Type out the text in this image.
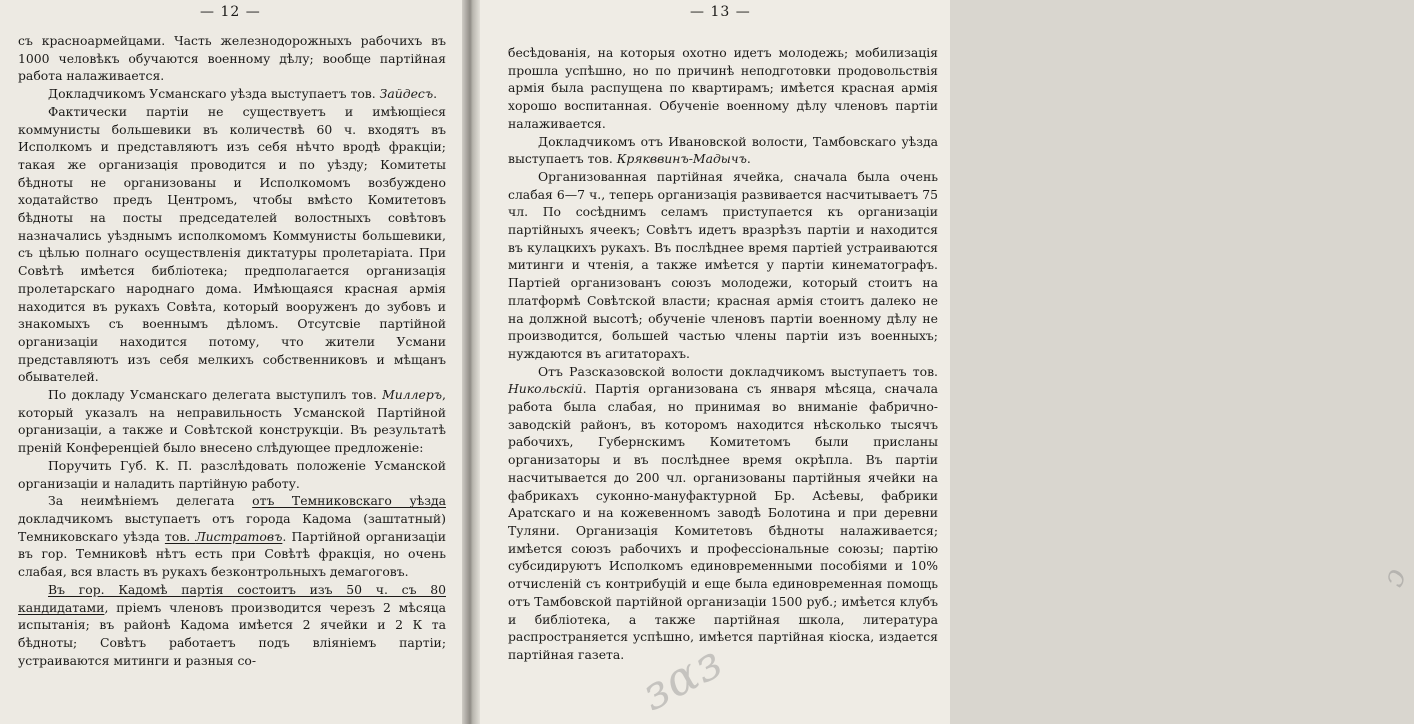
— 12 —

съ красноармейцами. Часть железнодорожныхъ рабочихъ въ 1000 человѣкъ обучаются военному дѣлу; вообще партійная работа налаживается.

Докладчикомъ Усманскаго уѣзда выступаетъ тов. Зайдесъ.

Фактически партіи не существуетъ и имѣющіеся коммунисты большевики въ количествѣ 60 ч. входятъ въ Исполкомъ и представляютъ изъ себя нѣчто вродѣ фракціи; такая же организація проводится и по уѣзду; Комитеты бѣдноты не организованы и Исполкомомъ возбуждено ходатайство предъ Центромъ, чтобы вмѣсто Комитетовъ бѣдноты на посты председателей волостныхъ совѣтовъ назначались уѣзднымъ исполкомомъ Коммунисты большевики, съ цѣлью полнаго осуществленія диктатуры пролетаріата. При Совѣтѣ имѣется библіотека; предполагается организація пролетарскаго народнаго дома. Имѣющаяся красная армія находится въ рукахъ Совѣта, который вооруженъ до зубовъ и знакомыхъ съ военнымъ дѣломъ. Отсутсвіе партійной организаціи находится потому, что жители Усмани представляютъ изъ себя мелкихъ собственниковъ и мѣщанъ обывателей.

По докладу Усманскаго делегата выступилъ тов. Миллеръ, который указалъ на неправильность Усманской Партійной организаціи, а также и Совѣтской конструкціи. Въ результатѣ преній Конференціей было внесено слѣдующее предложеніе:

Поручить Губ. К. П. разслѣдовать положеніе Усманской организаціи и наладить партійную работу.

За неимѣніемъ делегата отъ Темниковскаго уѣзда докладчикомъ выступаетъ отъ города Кадома (заштатный) Темниковскаго уѣзда тов. Листратовъ. Партійной организаціи въ гор. Темниковѣ нѣтъ есть при Совѣтѣ фракція, но очень слабая, вся власть въ рукахъ безконтрольныхъ демагоговъ.

Въ гор. Кадомѣ партія состоитъ изъ 50 ч. съ 80 кандидатами, пріемъ членовъ производится черезъ 2 мѣсяца испытанія; въ районѣ Кадома имѣется 2 ячейки и 2 К та бѣдноты; Совѣтъ работаетъ подъ вліяніемъ партіи; устраиваются митинги и разныя со-

— 13 —

бесѣдованія, на которыя охотно идетъ молодежь; мобилизація прошла успѣшно, но по причинѣ неподготовки продовольствія армія была распущена по квартирамъ; имѣется красная армія хорошо воспитанная. Обученіе военному дѣлу членовъ партіи налаживается.

Докладчикомъ отъ Ивановской волости, Тамбовскаго уѣзда выступаетъ тов. Крякввинъ-Мадычъ.

Организованная партійная ячейка, сначала была очень слабая 6—7 ч., теперь организація развивается насчитываетъ 75 чл. По сосѣднимъ селамъ приступается къ организаціи партійныхъ ячеекъ; Совѣтъ идетъ вразрѣзъ партіи и находится въ кулацкихъ рукахъ. Въ послѣднее время партіей устраиваются митинги и чтенія, а также имѣется у партіи кинематографъ. Партіей организованъ союзъ молодежи, который стоитъ на платформѣ Совѣтской власти; красная армія стоитъ далеко не на должной высотѣ; обученіе членовъ партіи военному дѣлу не производится, большей частью члены партіи изъ военныхъ; нуждаются въ агитаторахъ.

Отъ Разсказовской волости докладчикомъ выступаетъ тов. Никольскій. Партія организована съ января мѣсяца, сначала работа была слабая, но принимая во вниманіе фабрично-заводскій районъ, въ которомъ находится нѣсколько тысячъ рабочихъ, Губернскимъ Комитетомъ были присланы организаторы и въ послѣднее время окрѣпла. Въ партіи насчитывается до 200 чл. организованы партійныя ячейки на фабрикахъ суконно-мануфактурной Бр. Асѣевы, фабрики Аратскаго и на кожевенномъ заводѣ Болотина и при деревни Туляни. Организація Комитетовъ бѣдноты налаживается; имѣется союзъ рабочихъ и профессіональные союзы; партію субсидируютъ Исполкомъ единовременными пособіями и 10% отчисленій съ контрибуцій и еще была единовременная помощь отъ Тамбовской партійной организаціи 1500 руб.; имѣется клубъ и библіотека, а также партійная школа, литература распространяется успѣшно, имѣется партійная кіоска, издается партійная газета.

ɔ
ɜαɜ
